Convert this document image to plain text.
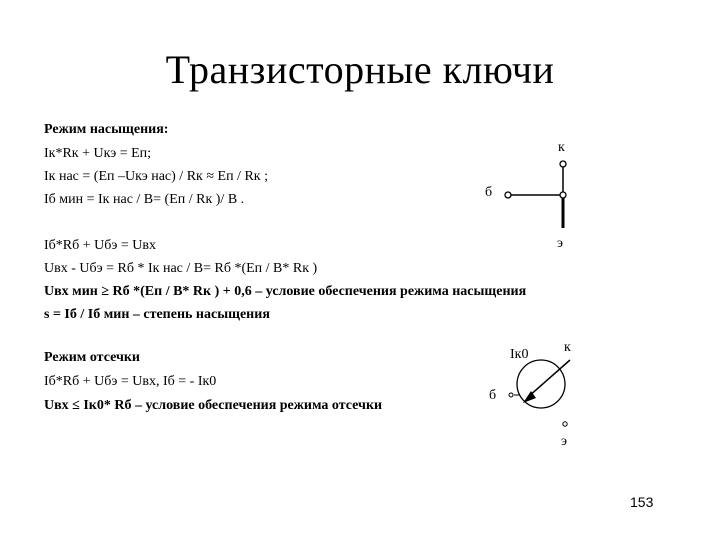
Транзисторные ключи
Режим насыщения:
Iк*Rк + Uкэ = Eп;
Iк нас = (Eп –Uкэ нас) / Rк ≈ Eп / Rк ;
Iб мин = Iк нас / B= (Eп / Rк )/ B .
Iб*Rб + Uбэ = Uвх
Uвх - Uбэ = Rб * Iк нас / B= Rб *(Eп / B* Rк )
Uвх мин ≥ Rб *(Eп / B* Rк ) + 0,6 – условие обеспечения режима насыщения
s = Iб / Iб мин – степень насыщения
Режим отсечки
Iб*Rб + Uбэ = Uвх, Iб = - Iк0
Uвх ≤ Iк0* Rб – условие обеспечения режима отсечки
к
б
э
Iк0	к
б
э
153
